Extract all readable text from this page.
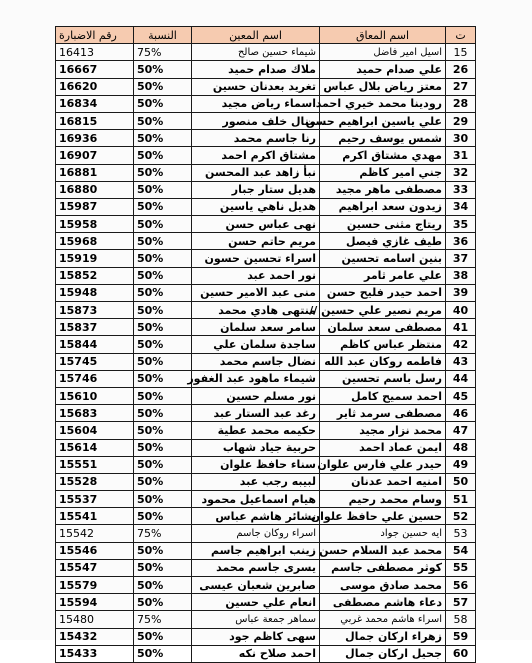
ت	اسم المعاق	اسم المعين	النسبة	رقم الاضبارة
15	اسيل امير فاضل	شيماء حسين صالح	75%	16413
26	علي صدام حميد	ملاك صدام حميد	50%	16667
27	معتز رياض بلال عباس	تغريد بعدنان حسين	50%	16620
28	رودينا محمد خيري احمد	اسماء رياض مجيد	50%	16834
29	علي ياسين ابراهيم حسن	منال خلف منصور	50%	16815
30	شمس يوسف رحيم	رنا جاسم محمد	50%	16936
31	مهدي مشتاق اكرم	مشتاق اكرم احمد	50%	16907
32	جني امير كاظم	نبأ زاهد عبد المحسن	50%	16881
33	مصطفى ماهر مجيد	هديل ستار جبار	50%	16880
34	زيدون سعد ابراهيم	هديل ناهي ياسين	50%	15987
35	ريتاج مثنى حسين	نهى عباس حسن	50%	15958
36	طيف غازي فيصل	مريم حاتم حسن	50%	15968
37	بنين اسامه تحسين	اسراء تحسين حسون	50%	15919
38	علي عامر ثامر	نور احمد عبد	50%	15852
39	احمد حيدر فليح حسن	منى عبد الامير حسين	50%	15948
40	مريم نصير علي حسين //	منتهى هادي محمد	50%	15873
41	مصطفى سعد سلمان	سامر سعد سلمان	50%	15837
42	منتظر عباس كاظم	ساجدة سلمان علي	50%	15844
43	فاطمه روكان عبد الله	نضال جاسم محمد	50%	15745
44	رسل باسم تحسين	شيماء ماهود عبد الغفور	50%	15746
45	احمد سميح كامل	نور مسلم حسين	50%	15610
46	مصطفى سرمد ثاير	رغد عبد الستار عبد	50%	15683
47	محمد نزار مجيد	حكيمه محمد عطية	50%	15604
48	ايمن عماد احمد	حربية جياد شهاب	50%	15614
49	حيدر علي فارس علوان	سناء حافظ علوان	50%	15551
50	امنيه احمد عدنان	لبيبه رجب عبد	50%	15528
51	وسام محمد رحيم	هيام اسماعيل محمود	50%	15537
52	حسين علي حافظ علوان	بشائر هاشم عباس	50%	15541
53	ايه حسين جواد	اسراء روكان جاسم	75%	15542
54	محمد عبد السلام حسن	زينب ابراهيم جاسم	50%	15546
55	كوثر مصطفى جاسم	يسرى جاسم محمد	50%	15547
56	محمد صادق موسى	صابرين شعبان عيسى	50%	15579
57	دعاء هاشم مصطفى	انعام علي حسين	50%	15594
58	اسراء هاشم محمد غربي	سماهر جمعة عباس	75%	15480
59	زهراء اركان جمال	سهى كاظم جود	50%	15432
60	جحيل اركان جمال	احمد صلاح نكه	50%	15433
